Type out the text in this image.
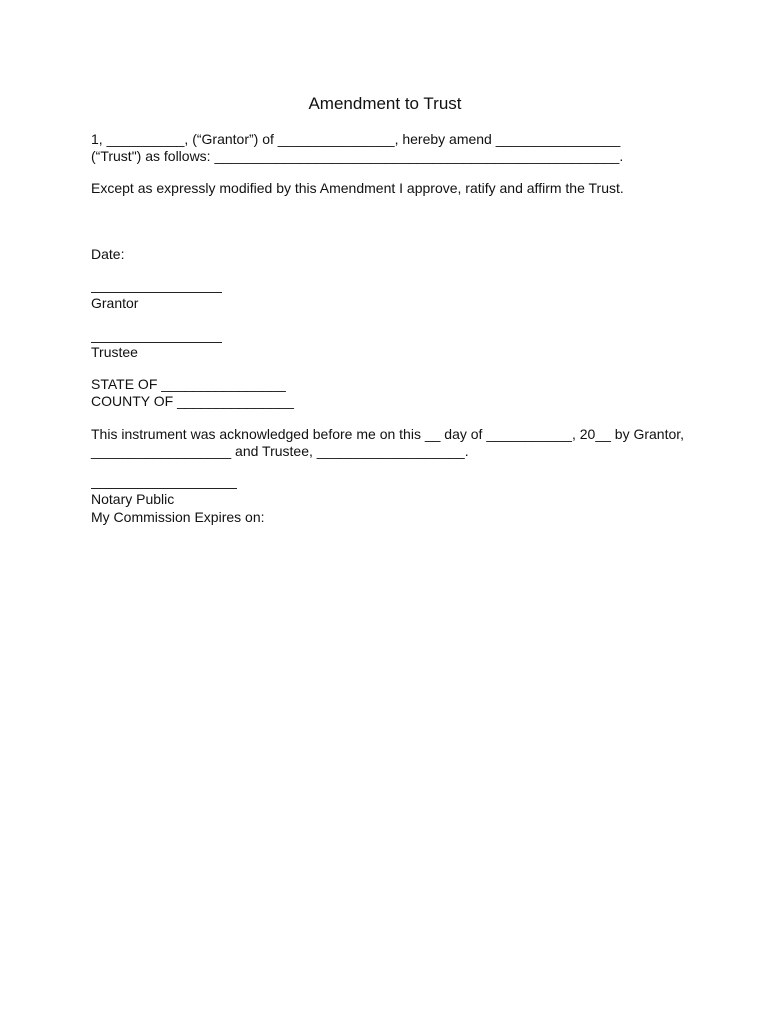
Amendment to Trust
1, __________, (“Grantor”) of _______________, hereby amend ________________
(“Trust") as follows: ____________________________________________________.
Except as expressly modified by this Amendment I approve, ratify and affirm the Trust.
Date:
Grantor
Trustee
STATE OF ________________
COUNTY OF _______________
This instrument was acknowledged before me on this __ day of ___________, 20__ by Grantor,
__________________ and Trustee, ___________________.
Notary Public
My Commission Expires on:
